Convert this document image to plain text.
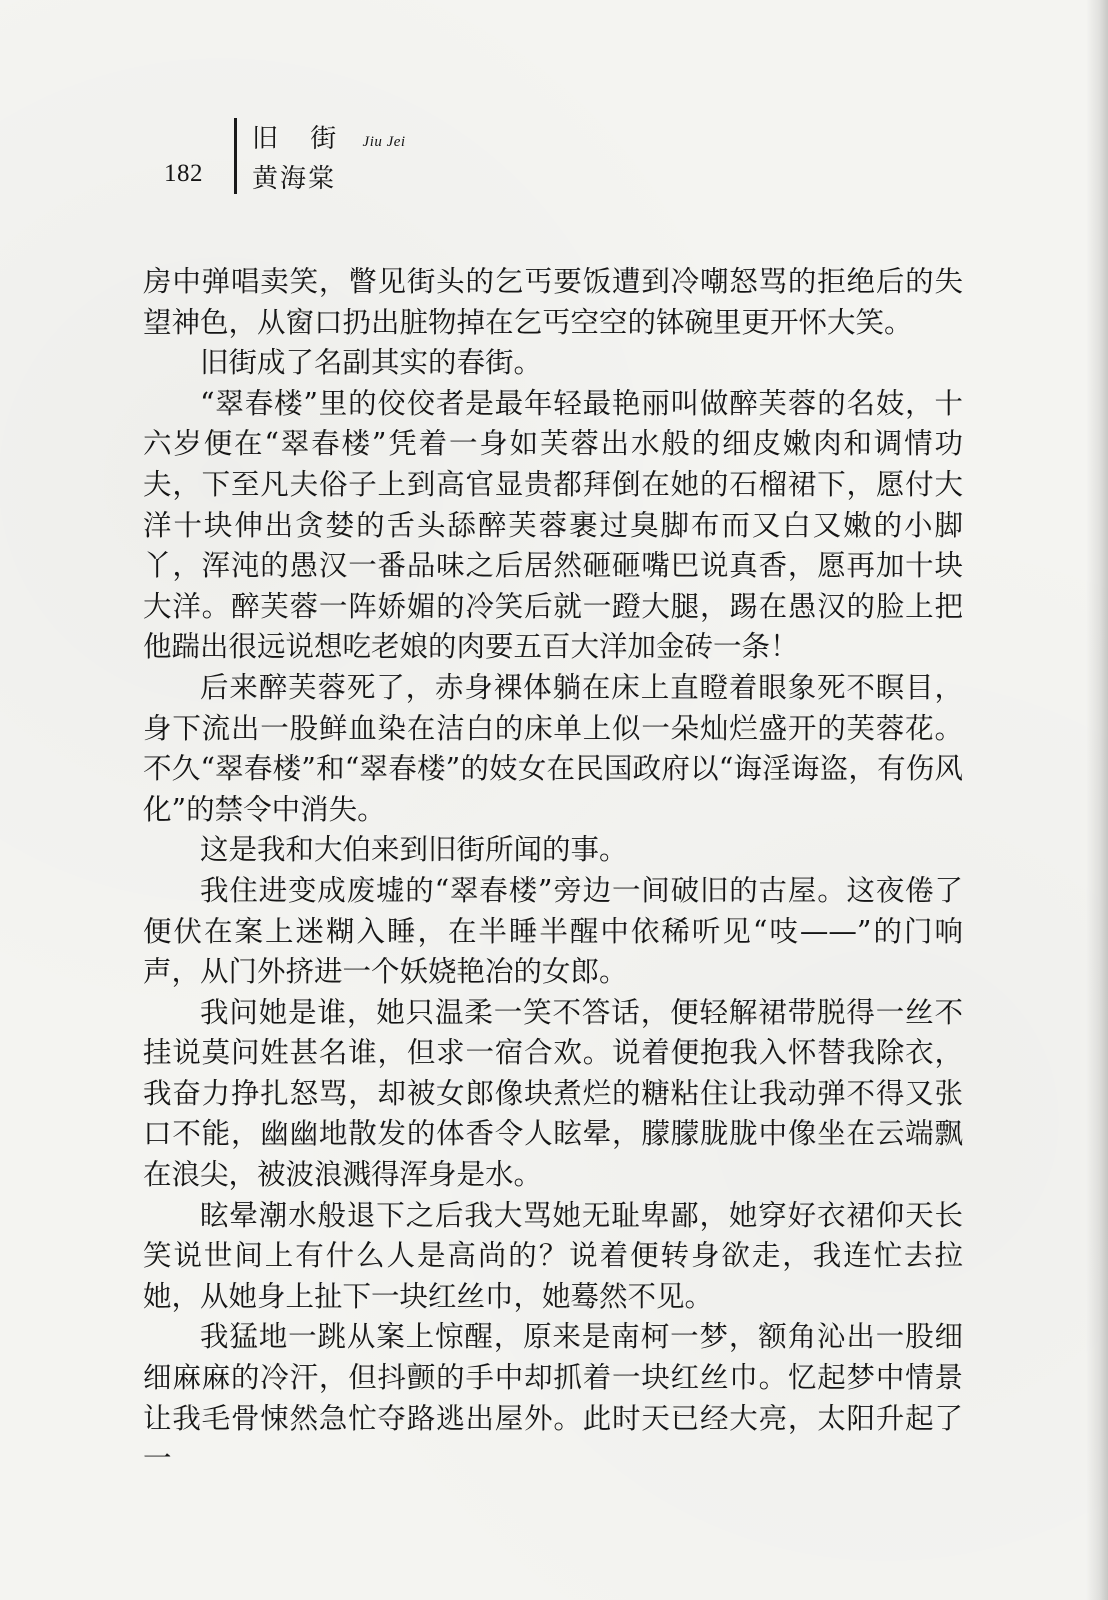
182
旧 街 Jiu Jei
黄海棠

房中弹唱卖笑，瞥见街头的乞丐要饭遭到冷嘲怒骂的拒绝后的失望神色，从窗口扔出脏物掉在乞丐空空的钵碗里更开怀大笑。

旧街成了名副其实的春街。

“翠春楼”里的佼佼者是最年轻最艳丽叫做醉芙蓉的名妓，十六岁便在“翠春楼”凭着一身如芙蓉出水般的细皮嫩肉和调情功夫，下至凡夫俗子上到高官显贵都拜倒在她的石榴裙下，愿付大洋十块伸出贪婪的舌头舔醉芙蓉裹过臭脚布而又白又嫩的小脚丫，浑沌的愚汉一番品味之后居然砸砸嘴巴说真香，愿再加十块大洋。醉芙蓉一阵娇媚的冷笑后就一蹬大腿，踢在愚汉的脸上把他踹出很远说想吃老娘的肉要五百大洋加金砖一条！

后来醉芙蓉死了，赤身裸体躺在床上直瞪着眼象死不瞑目，身下流出一股鲜血染在洁白的床单上似一朵灿烂盛开的芙蓉花。不久“翠春楼”和“翠春楼”的妓女在民国政府以“诲淫诲盗，有伤风化”的禁令中消失。

这是我和大伯来到旧街所闻的事。

我住进变成废墟的“翠春楼”旁边一间破旧的古屋。这夜倦了便伏在案上迷糊入睡，在半睡半醒中依稀听见“吱——”的门响声，从门外挤进一个妖娆艳冶的女郎。

我问她是谁，她只温柔一笑不答话，便轻解裙带脱得一丝不挂说莫问姓甚名谁，但求一宿合欢。说着便抱我入怀替我除衣，我奋力挣扎怒骂，却被女郎像块煮烂的糖粘住让我动弹不得又张口不能，幽幽地散发的体香令人眩晕，朦朦胧胧中像坐在云端飘在浪尖，被波浪溅得浑身是水。

眩晕潮水般退下之后我大骂她无耻卑鄙，她穿好衣裙仰天长笑说世间上有什么人是高尚的？说着便转身欲走，我连忙去拉她，从她身上扯下一块红丝巾，她蓦然不见。

我猛地一跳从案上惊醒，原来是南柯一梦，额角沁出一股细细麻麻的冷汗，但抖颤的手中却抓着一块红丝巾。忆起梦中情景让我毛骨悚然急忙夺路逃出屋外。此时天已经大亮，太阳升起了一
